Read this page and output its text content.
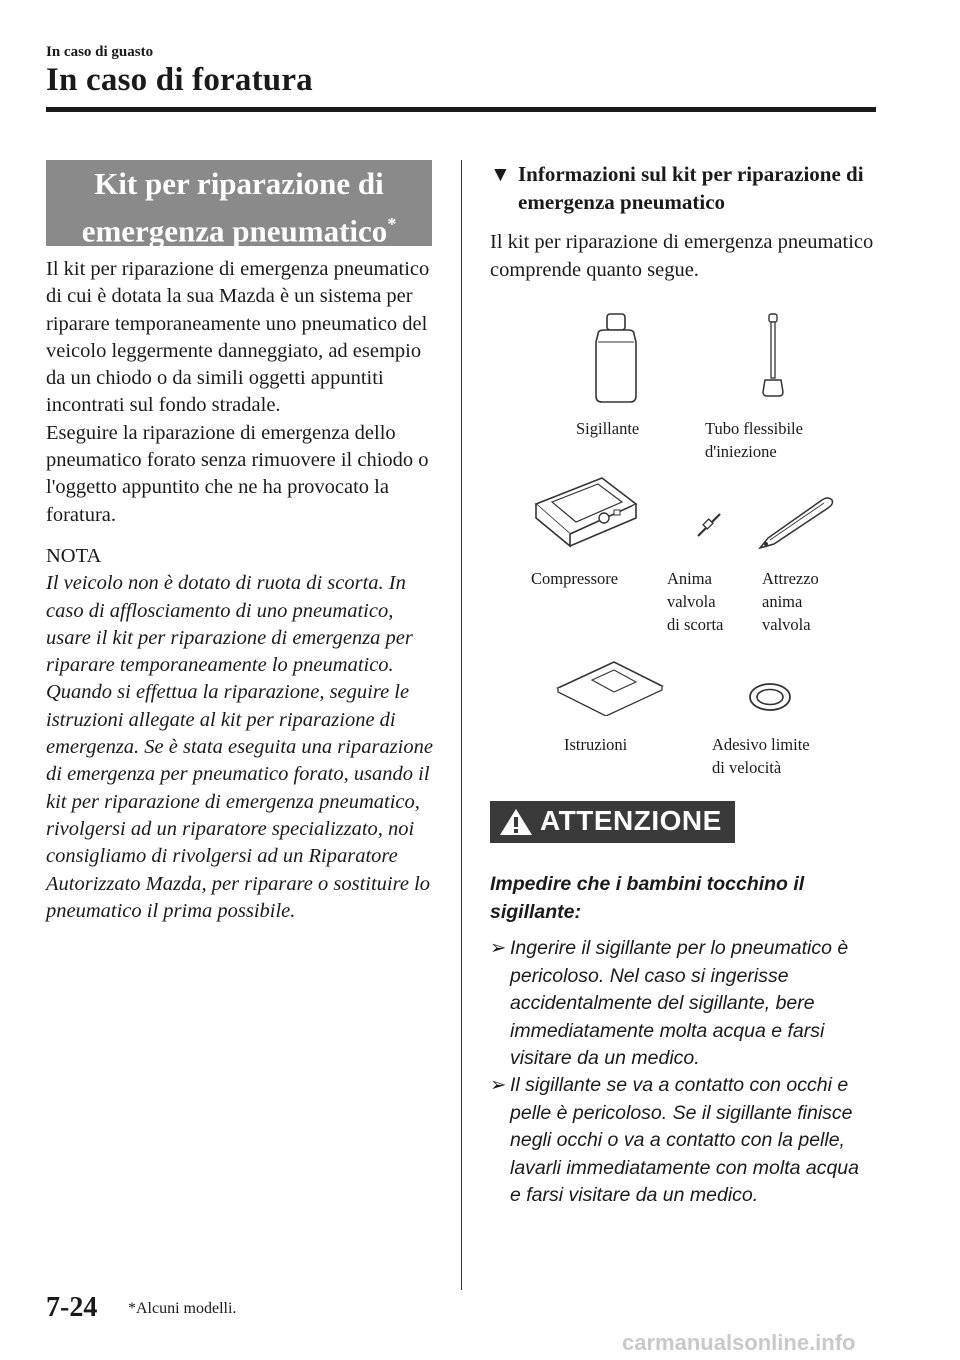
In caso di guasto
In caso di foratura
Kit per riparazione di
emergenza pneumatico*

Il kit per riparazione di emergenza pneumatico di cui è dotata la sua Mazda è un sistema per riparare temporaneamente uno pneumatico del veicolo leggermente danneggiato, ad esempio da un chiodo o da simili oggetti appuntiti incontrati sul fondo stradale.

Eseguire la riparazione di emergenza dello pneumatico forato senza rimuovere il chiodo o l'oggetto appuntito che ne ha provocato la foratura.

NOTA

Il veicolo non è dotato di ruota di scorta. In caso di afflosciamento di uno pneumatico, usare il kit per riparazione di emergenza per riparare temporaneamente lo pneumatico. Quando si effettua la riparazione, seguire le istruzioni allegate al kit per riparazione di emergenza. Se è stata eseguita una riparazione di emergenza per pneumatico forato, usando il kit per riparazione di emergenza pneumatico, rivolgersi ad un riparatore specializzato, noi consigliamo di rivolgersi ad un Riparatore Autorizzato Mazda, per riparare o sostituire lo pneumatico il prima possibile.

▼ Informazioni sul kit per riparazione di emergenza pneumatico
Il kit per riparazione di emergenza pneumatico comprende quanto segue.
Sigillante	Tubo flessibile
d'iniezione
Compressore	Anima
valvola
di scorta
Attrezzo
anima
valvola
Istruzioni	Adesivo limite
di velocità
ATTENZIONE
Impedire che i bambini tocchino il sigillante:
➢ Ingerire il sigillante per lo pneumatico è pericoloso. Nel caso si ingerisse accidentalmente del sigillante, bere immediatamente molta acqua e farsi visitare da un medico.
➢ Il sigillante se va a contatto con occhi e pelle è pericoloso. Se il sigillante finisce negli occhi o va a contatto con la pelle, lavarli immediatamente con molta acqua e farsi visitare da un medico.
7-24 *Alcuni modelli.
carmanualsonline.info
